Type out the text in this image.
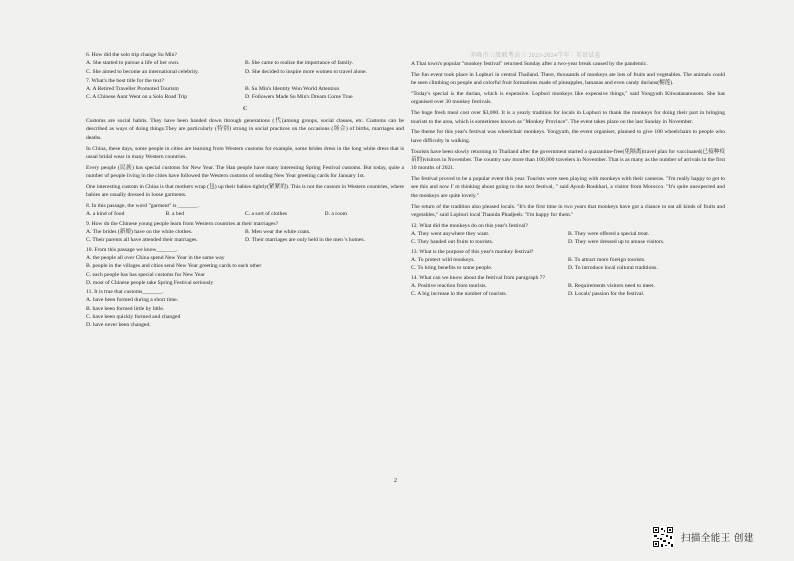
赤峰市三级联考高三 2023-2024学年 · 英语试卷
6. How did the solo trip change Su Min?
A. She started to pursue a life of her own.	B. She came to realize the importance of family.
C. She aimed to become an international celebrity.	D. She decided to inspire more women to travel alone.
7. What's the best title for the text?
A. A Retired Traveller Promoted Tourism	B. Su Min's Identity Won World Attention
C. A Chinese Aunt Went on a Solo Road Trip	D. Followers Made Su Min's Dream Come True
C
Customs are social habits. They have been handed down through generations (代(among groups, social classes, etc. Customs can be described as ways of doing things.They are particularly (特别) strong in social practices on the occasions (场合) of births, marriages and deaths.
In China, these days, some people in cities are learning from Western customs for example, some brides dress in the long white dress that is usual bridal wear in many Western countries.
Every people (民族) has special customs for New Year. The Han people have many interesting Spring Festival customs. But today, quite a number of people living in the cities have followed the Western customs of sending New Year greeting cards for January 1st.
One interesting custom in China is that mothers wrap (包) up their babies tightly(紧紧的). This is not the custom in Western countries, where babies are usually dressed in loose garments.
8. In this passage, the word "garment" is _______.
A. a kind of food	B. a bed	C. a sort of clothes	D. a room
9. How do the Chinese young people learn from Western countries at their marriages?
A. The brides (新娘) have on the white clothes.	B. Men wear the white coats.
C. Their parents all have attended their marriages.	D. Their marriages are only held in the men 's homes.
10. From this passage we know_______.
A. the people all over China spend New Year in the same way
B. people in the villages and cities send New Year greeting cards to each other
C. each people has has special customs for New Year
D. most of Chinese people take Spring Festival seriously
11. It is true that customs_______.
A. have been formed during a short time.
B. have been formed little by little.
C. have been quickly formed and changed
D. have never been changed.
A Thai town's popular "monkey festival" returned Sunday after a two-year break caused by the pandemic.
The fun event took place in Lopburi in central Thailand. There, thousands of monkeys ate lots of fruits and vegetables. The animals could be seen climbing on people and colorful fruit formations made of pineapples, bananas and even candy durians(榴莲).
"Today's special is the durian, which is expensive. Lopburi monkeys like expensive things," said Yongyuth Kitwatananusont. She has organised over 30 monkey festivals.
The huge fresh meal cost over $3,000. It is a yearly tradition for locals in Lopburi to thank the monkeys for doing their part in bringing tourists to the area, which is sometimes known as "Monkey Province". The event takes place on the last Sunday in November.
The theme for this year's festival was wheelchair monkeys. Yongyuth, the event organiser, planned to give 100 wheelchairs to people who have difficulty in walking.
Tourists have been slowly returning to Thailand after the government started a quarantine-free(免隔离)travel plan for vaccinated(已接种疫苗的)visitors in November. The country saw more than 100,000 travelers in November. That is as many as the number of arrivals in the first 10 months of 2021.
The festival proved to be a popular event this year. Tourists were seen playing with monkeys with their cameras. "I'm really happy to get to see this and now I' m thinking about going to the next festival, " said Ayoub Boukhari, a visitor from Morocco. "It's quite unexpected and the monkeys are quite lovely."
The return of the tradition also pleased locals. "It's the first time in two years that monkeys have got a chance to eat all kinds of fruits and vegetables," said Lopburi local Thanida Phadjeeb. "I'm happy for them."
12. What did the monkeys do on this year's festival?
A. They went anywhere they want.	B. They were offered a special treat.
C. They handed out fruits to tourists.	D. They were dressed up to amuse visitors.
13. What is the purpose of this year's monkey festival?
A. To protect wild monkeys.	B. To attract more foreign tourists.
C. To bring benefits to some people.	D. To introduce local cultural traditions.
14. What can we know about the festival from paragraph 7?
A. Positive reaction from tourists.	B. Requirements visitors need to meet.
C. A big increase in the number of tourists.	D. Locals' passion for the festival.
2
扫描全能王 创建
